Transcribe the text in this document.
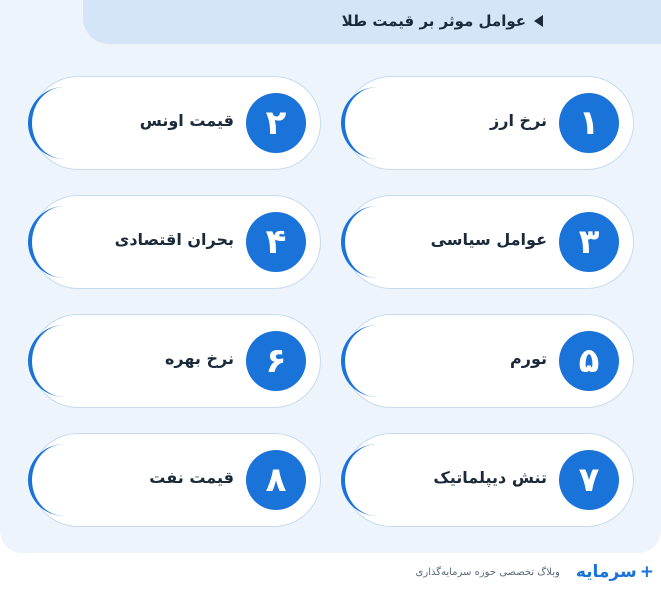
عوامل موثر بر قیمت طلا
۱
نرخ ارز
۲
قیمت اونس
۳
عوامل سیاسی
۴
بحران اقتصادی
۵
تورم
۶
نرخ بهره
۷
تنش دیپلماتیک
۸
قیمت نفت
+
سرمایه
وبلاگ تخصصی حوزه سرمایه‌گذاری
